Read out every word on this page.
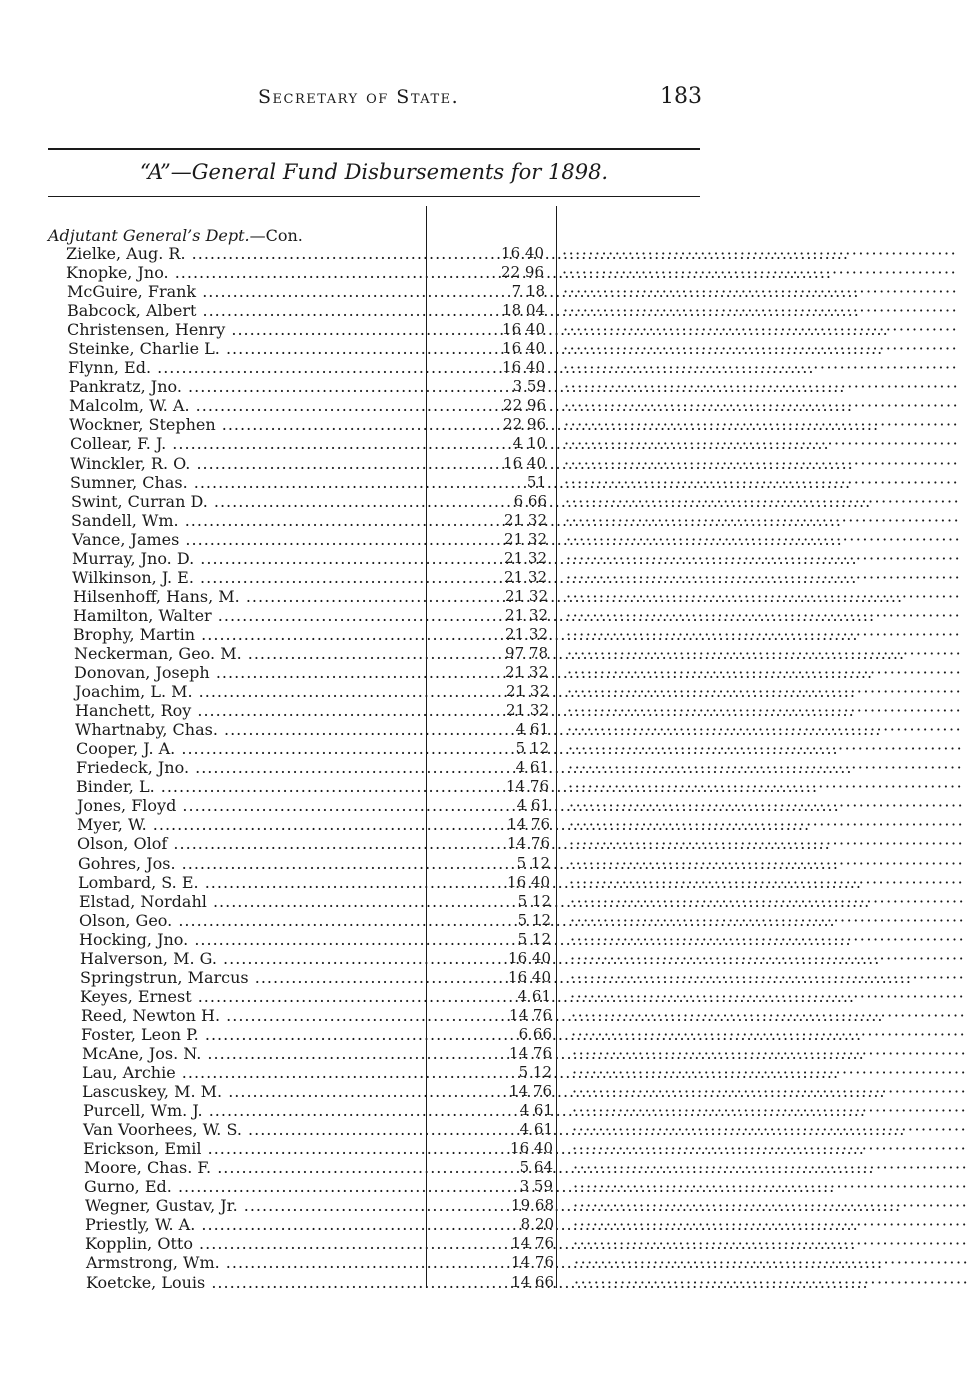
Secretary of State.	183
“A”—General Fund Disbursements for 1898.
Adjutant General’s Dept.—Con.
Zielke, Aug. R. .....	16 40 ····························································
Knopke, Jno. .....	22 96 ····························································
McGuire, Frank .....	7 18 ····························································
Babcock, Albert .....	18 04 ····························································
Christensen, Henry .....	16 40 ····························································
Steinke, Charlie L. .....	16 40 ····························································
Flynn, Ed. .....	16 40 ····························································
Pankratz, Jno. .....	3 59 ····························································
Malcolm, W. A. .....	22 96 ····························································
Wockner, Stephen .....	22 96 ····························································
Collear, F. J. .....	4 10 ····························································
Winckler, R. O. .....	16 40 ····························································
Sumner, Chas. .....	51 ····························································
Swint, Curran D. .....	6 66 ····························································
Sandell, Wm. .....	21 32 ····························································
Vance, James .....	21 32 ····························································
Murray, Jno. D. .....	21 32 ····························································
Wilkinson, J. E. .....	21 32 ····························································
Hilsenhoff, Hans, M. .....	21 32 ····························································
Hamilton, Walter .....	21 32 ····························································
Brophy, Martin .....	21 32 ····························································
Neckerman, Geo. M. .....	97 78 ····························································
Donovan, Joseph .....	21 32 ····························································
Joachim, L. M. .....	21 32 ····························································
Hanchett, Roy .....	21 32 ····························································
Whartnaby, Chas. .....	4 61 ····························································
Cooper, J. A. .....	5 12 ····························································
Friedeck, Jno. .....	4 61 ····························································
Binder, L. .....	14 76 ····························································
Jones, Floyd .....	4 61 ····························································
Myer, W. .....	14 76 ····························································
Olson, Olof .....	14 76 ····························································
Gohres, Jos. .....	5 12 ····························································
Lombard, S. E. .....	16 40 ····························································
Elstad, Nordahl .....	5 12 ····························································
Olson, Geo. .....	5 12 ····························································
Hocking, Jno. .....	5 12 ····························································
Halverson, M. G. .....	16 40 ····························································
Springstrun, Marcus .....	16 40 ····························································
Keyes, Ernest .....	4 61 ····························································
Reed, Newton H. .....	14 76 ····························································
Foster, Leon P. .....	6 66 ····························································
McAne, Jos. N. .....	14 76 ····························································
Lau, Archie .....	5 12 ····························································
Lascuskey, M. M. .....	14 76 ····························································
Purcell, Wm. J. .....	4 61 ····························································
Van Voorhees, W. S. .....	4 61 ····························································
Erickson, Emil .....	16 40 ····························································
Moore, Chas. F. .....	5 64 ····························································
Gurno, Ed. .....	3 59 ····························································
Wegner, Gustav, Jr. .....	19 68 ····························································
Priestly, W. A. .....	8 20 ····························································
Kopplin, Otto .....	14 76 ····························································
Armstrong, Wm. .....	14 76 ····························································
Koetcke, Louis .....	14 66 ····························································
